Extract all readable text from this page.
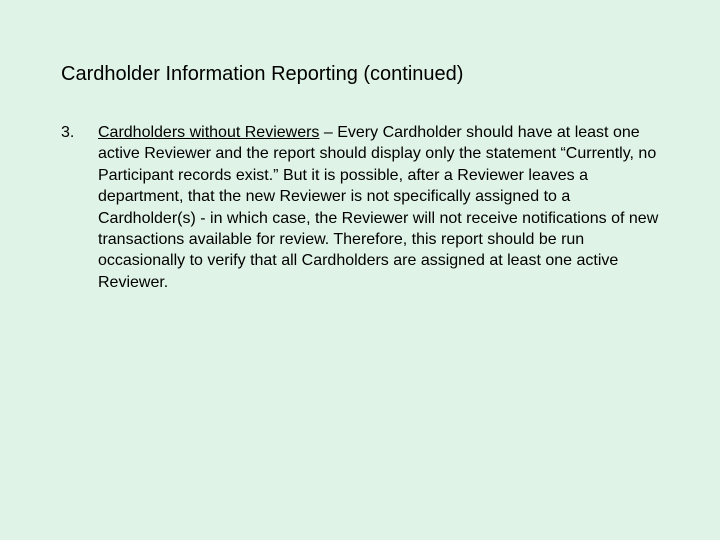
Cardholder Information Reporting (continued)
3. Cardholders without Reviewers – Every Cardholder should have at least one active Reviewer and the report should display only the statement “Currently, no Participant records exist.” But it is possible, after a Reviewer leaves a department, that the new Reviewer is not specifically assigned to a Cardholder(s) - in which case, the Reviewer will not receive notifications of new transactions available for review. Therefore, this report should be run occasionally to verify that all Cardholders are assigned at least one active Reviewer.
